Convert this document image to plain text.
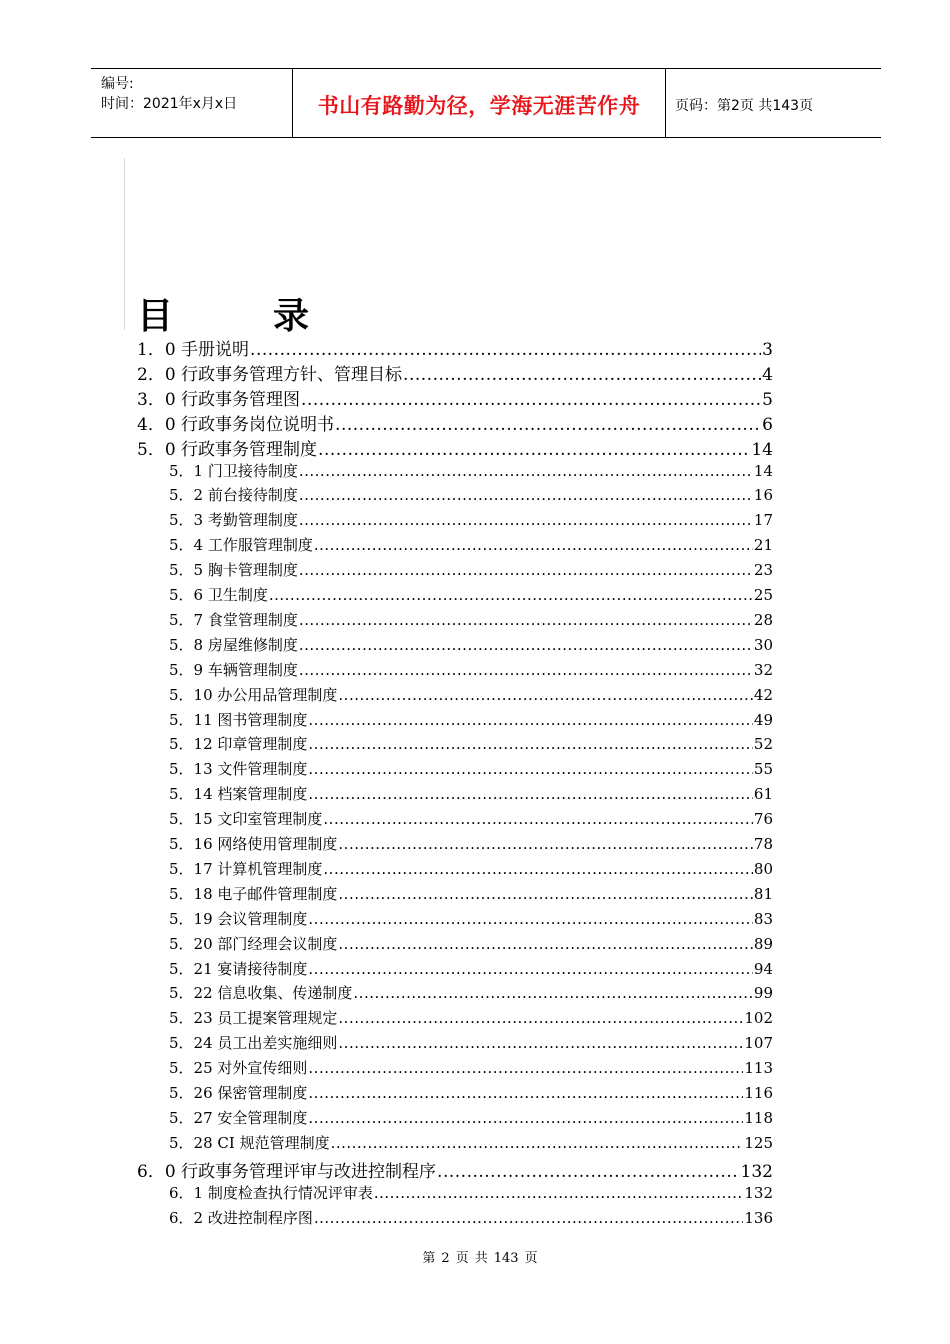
编号:
时间：2021年x月x日	书山有路勤为径，学海无涯苦作舟	页码：第2页 共143页
目	录
1．0 手册说明 .....	3
2．0 行政事务管理方针、管理目标 .....	4
3．0 行政事务管理图 .....	5
4．0 行政事务岗位说明书 .....	6
5．0 行政事务管理制度 .....	14
5．1 门卫接待制度 .....	14
5．2 前台接待制度 .....	16
5．3 考勤管理制度 .....	17
5．4 工作服管理制度 .....	21
5．5 胸卡管理制度 .....	23
5．6 卫生制度 .....	25
5．7 食堂管理制度 .....	28
5．8 房屋维修制度 .....	30
5．9 车辆管理制度 .....	32
5．10 办公用品管理制度 .....	42
5．11 图书管理制度 .....	49
5．12 印章管理制度 .....	52
5．13 文件管理制度 .....	55
5．14 档案管理制度 .....	61
5．15 文印室管理制度 .....	76
5．16 网络使用管理制度 .....	78
5．17 计算机管理制度 .....	80
5．18 电子邮件管理制度 .....	81
5．19 会议管理制度 .....	83
5．20 部门经理会议制度 .....	89
5．21 宴请接待制度 .....	94
5．22 信息收集、传递制度 .....	99
5．23 员工提案管理规定 .....	102
5．24 员工出差实施细则 .....	107
5．25 对外宣传细则 .....	113
5．26 保密管理制度 .....	116
5．27 安全管理制度 .....	118
5．28 CI 规范管理制度 .....	125
6．0 行政事务管理评审与改进控制程序 .....	132
6．1 制度检查执行情况评审表 .....	132
6．2 改进控制程序图 .....	136
第 2 页 共 143 页
